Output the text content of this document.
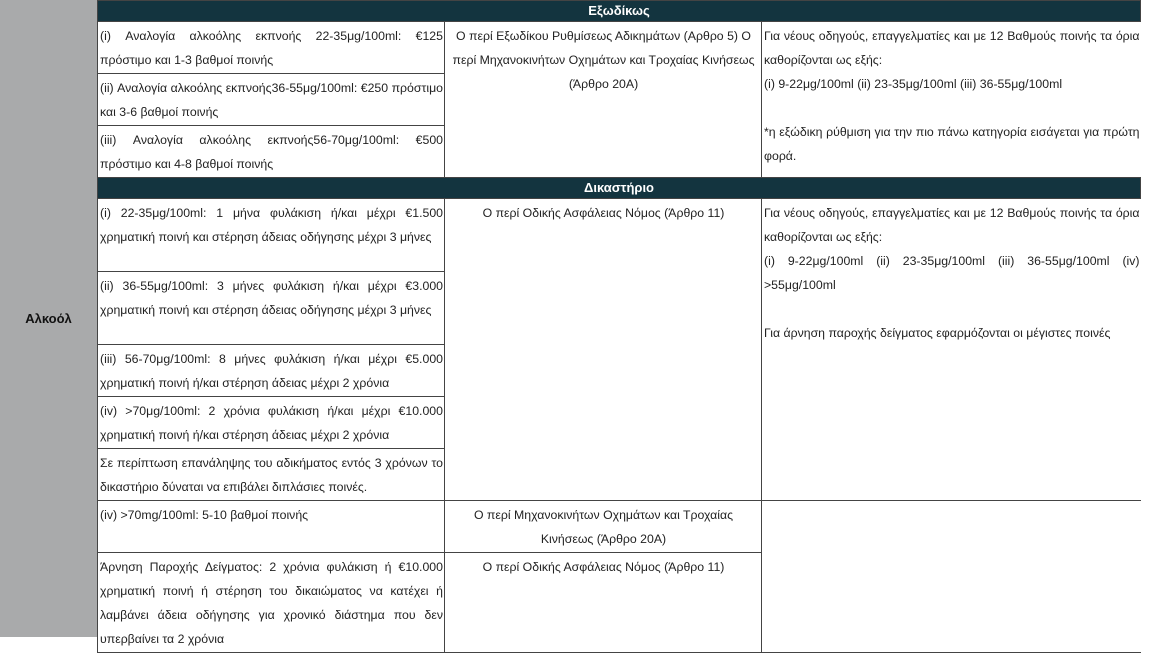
Αλκοόλ
Εξωδίκως		
(i) Αναλογία αλκοόλης εκπνοής 22-35μg/100ml: €125 πρόστιμο και 1-3 βαθμοί ποινής	Ο περί Εξωδίκου Ρυθμίσεως Αδικημάτων (Αρθρο 5) Ο περί Μηχανοκινήτων Οχημάτων και Τροχαίας Κινήσεως (Άρθρο 20Α)	Για νέους οδηγούς, επαγγελματίες και με 12 Βαθμούς ποινής τα όρια καθορίζονται ως εξής:

(i) 9-22μg/100ml (ii) 23-35μg/100ml (iii) 36-55μg/100ml

*η εξώδικη ρύθμιση για την πιο πάνω κατηγορία εισάγεται για πρώτη φορά.

(ii) Αναλογία αλκοόλης εκπνοής36-55μg/100ml: €250 πρόστιμο και 3-6 βαθμοί ποινής		
(iii) Αναλογία αλκοόλης εκπνοής56-70μg/100ml: €500 πρόστιμο και 4-8 βαθμοί ποινής		
Δικαστήριο		
(i) 22-35μg/100ml: 1 μήνα φυλάκιση ή/και μέχρι €1.500 χρηματική ποινή και στέρηση άδειας οδήγησης μέχρι 3 μήνες	Ο περί Οδικής Ασφάλειας Νόμος (Άρθρο 11)	Για νέους οδηγούς, επαγγελματίες και με 12 Βαθμούς ποινής τα όρια καθορίζονται ως εξής:

(i) 9-22μg/100ml (ii) 23-35μg/100ml (iii) 36-55μg/100ml (iv) >55μg/100ml

Για άρνηση παροχής δείγματος εφαρμόζονται οι μέγιστες ποινές

(ii) 36-55μg/100ml: 3 μήνες φυλάκιση ή/και μέχρι €3.000 χρηματική ποινή και στέρηση άδειας οδήγησης μέχρι 3 μήνες		
(iii) 56-70μg/100ml: 8 μήνες φυλάκιση ή/και μέχρι €5.000 χρηματική ποινή ή/και στέρηση άδειας μέχρι 2 χρόνια		
(iv) >70μg/100ml: 2 χρόνια φυλάκιση ή/και μέχρι €10.000 χρηματική ποινή ή/και στέρηση άδειας μέχρι 2 χρόνια		
Σε περίπτωση επανάληψης του αδικήματος εντός 3 χρόνων το δικαστήριο δύναται να επιβάλει διπλάσιες ποινές.		
(iv) >70mg/100ml: 5-10 βαθμοί ποινής	Ο περί Μηχανοκινήτων Οχημάτων και Τροχαίας Κινήσεως (Άρθρο 20Α)	
Άρνηση Παροχής Δείγματος: 2 χρόνια φυλάκιση ή €10.000 χρηματική ποινή ή στέρηση του δικαιώματος να κατέχει ή λαμβάνει άδεια οδήγησης για χρονικό διάστημα που δεν υπερβαίνει τα 2 χρόνια	Ο περί Οδικής Ασφάλειας Νόμος (Άρθρο 11)	
